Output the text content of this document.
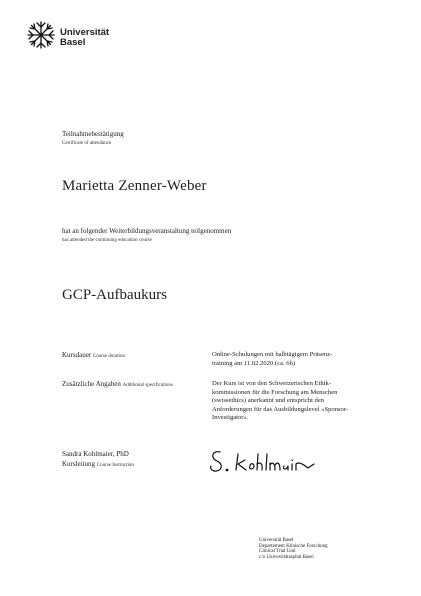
Universität
Basel
Teilnahmebestätigung
Certificate of attendance
Marietta Zenner-Weber
hat an folgender Weiterbildungsveranstaltung teilgenommen
has attended the continuing education course
GCP-Aufbaukurs
Kursdauer Course duration	Online-Schulungen mit halbtägigem Präsenz-
training am 11.02.2020 (ca. 6h)
Zusätzliche Angaben Additional specifications	Der Kurs ist von den Schweizerischen Ethik-
kommissionen für die Forschung am Menschen
(swissethics) anerkannt und entspricht den
Anforderungen für das Ausbildungslevel «Sponsor-
Investigator».
Sandra Kohlmaier, PhD
Kursleitung Course Instruction
Universität Basel
Departement Klinische Forschung
Clinical Trial Unit
c/o Universitätsspital Basel
